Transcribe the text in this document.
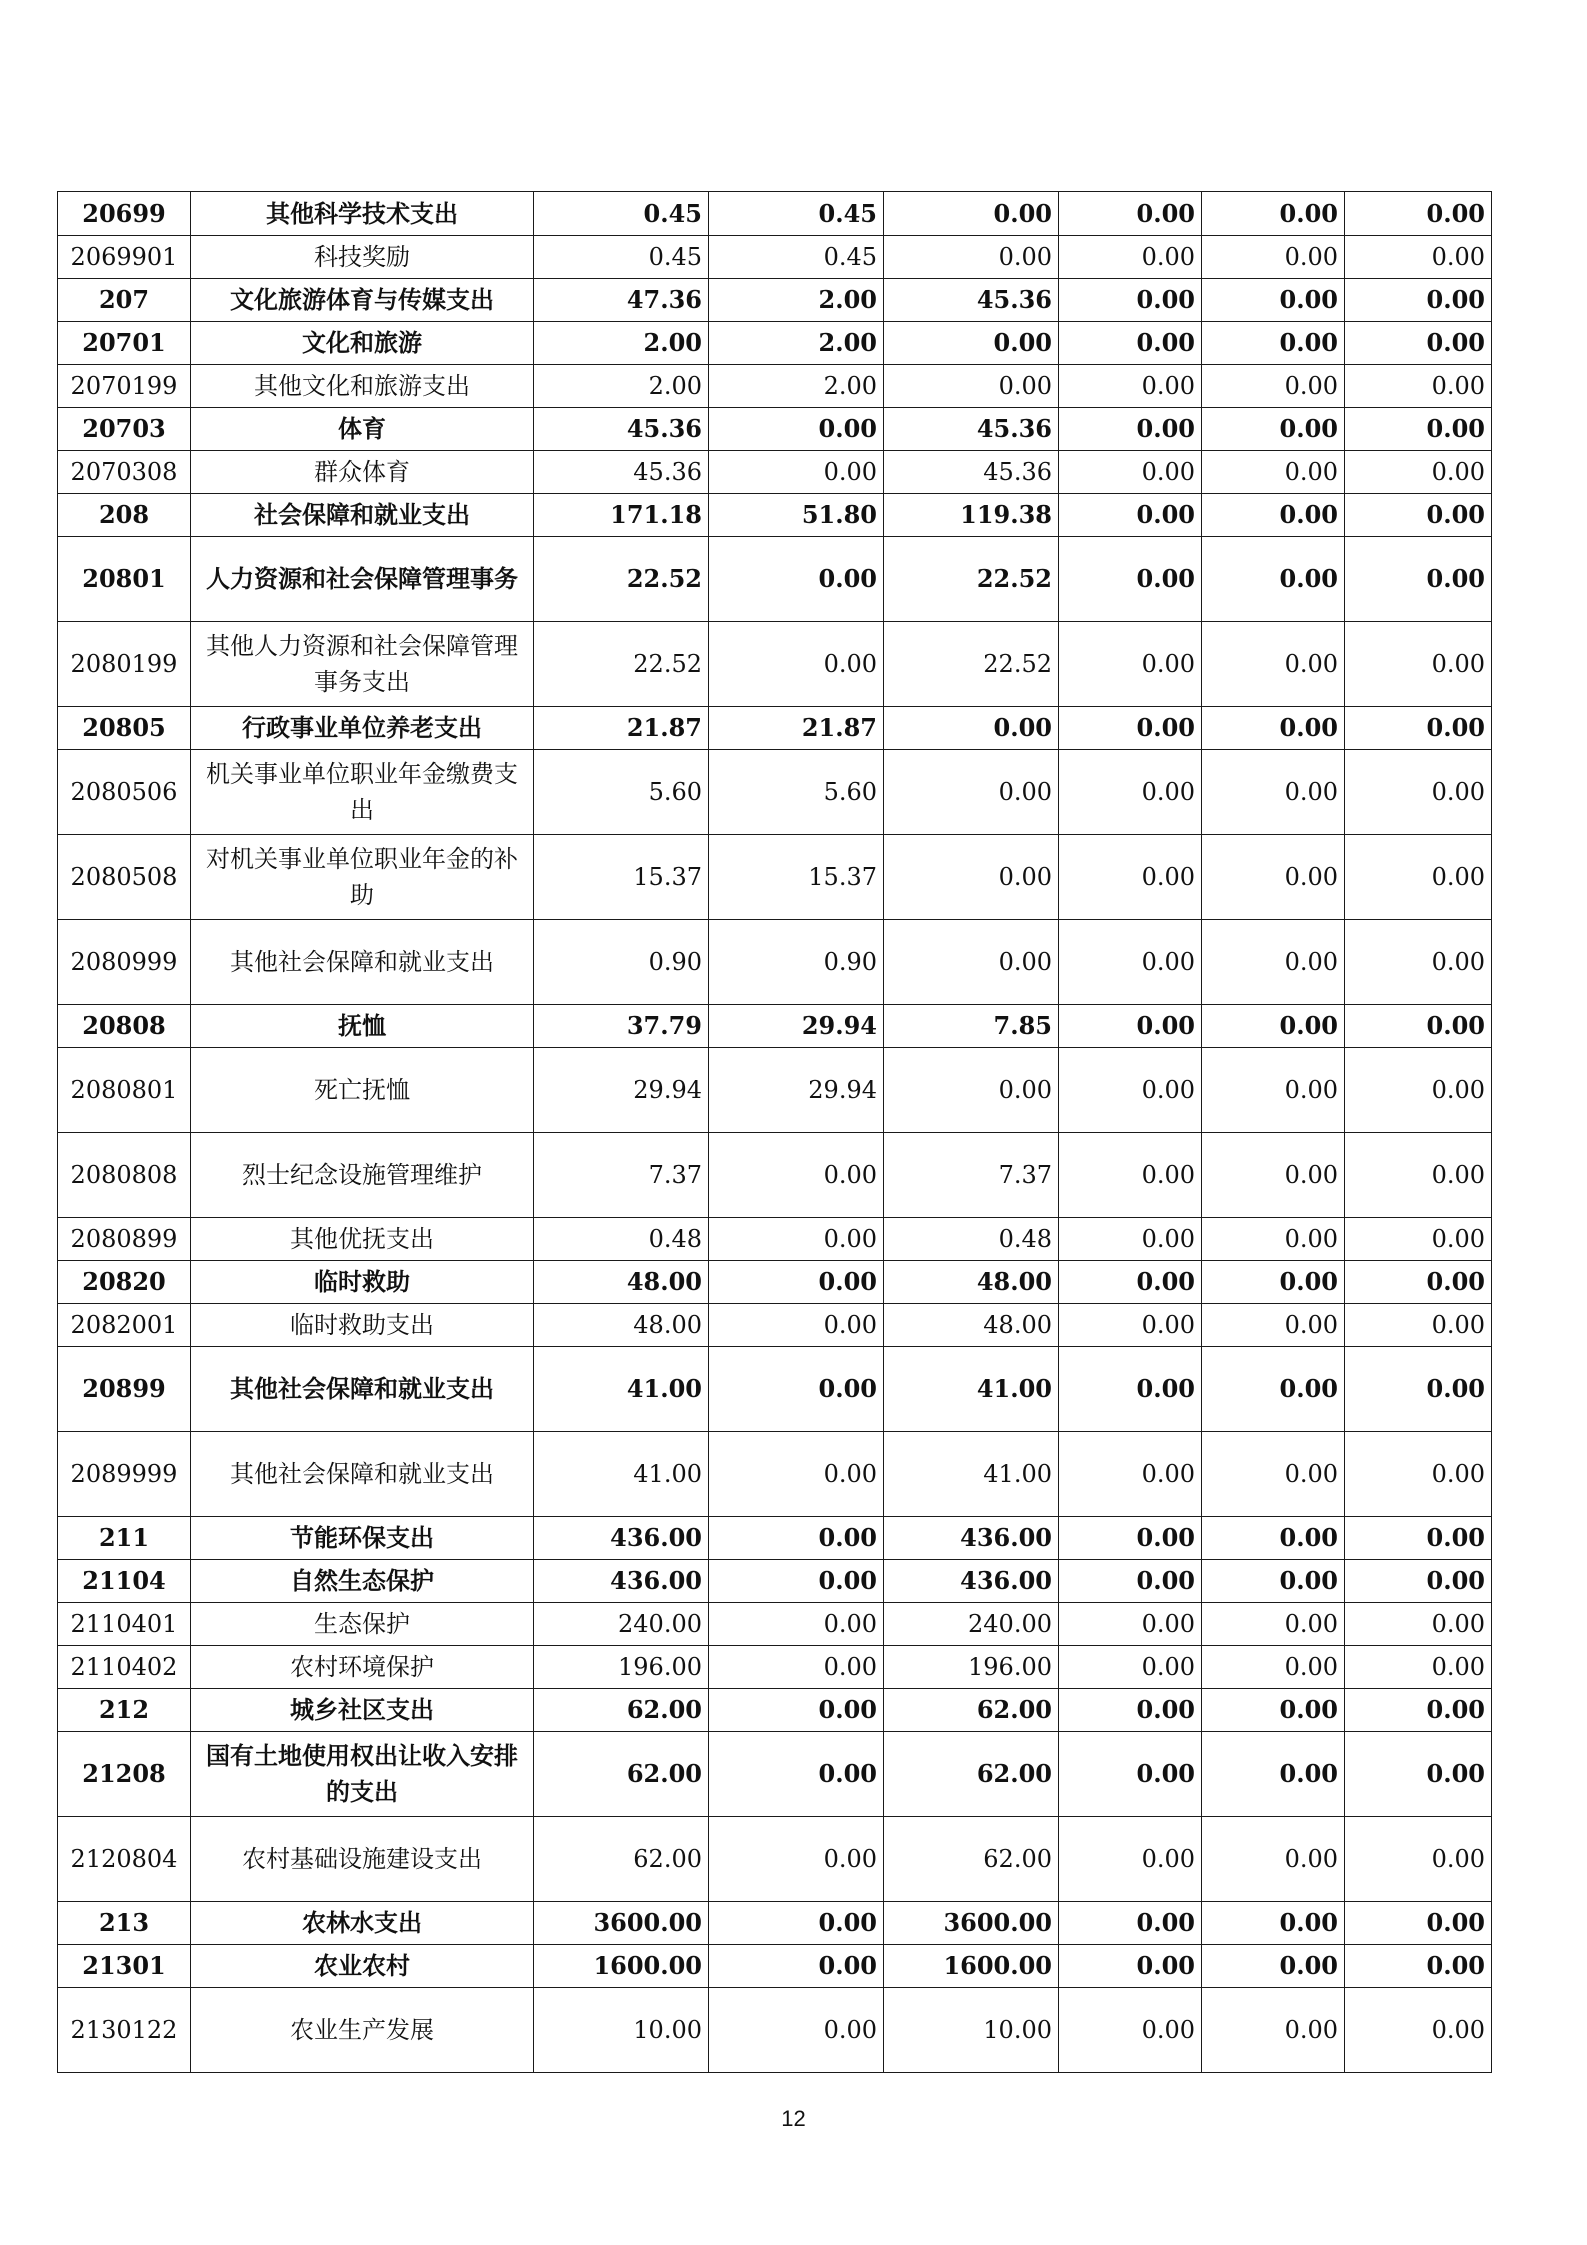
20699	其他科学技术支出	0.45	0.45	0.00	0.00	0.00	0.00
2069901	科技奖励	0.45	0.45	0.00	0.00	0.00	0.00
207	文化旅游体育与传媒支出	47.36	2.00	45.36	0.00	0.00	0.00
20701	文化和旅游	2.00	2.00	0.00	0.00	0.00	0.00
2070199	其他文化和旅游支出	2.00	2.00	0.00	0.00	0.00	0.00
20703	体育	45.36	0.00	45.36	0.00	0.00	0.00
2070308	群众体育	45.36	0.00	45.36	0.00	0.00	0.00
208	社会保障和就业支出	171.18	51.80	119.38	0.00	0.00	0.00
20801	人力资源和社会保障管理事务	22.52	0.00	22.52	0.00	0.00	0.00
2080199	其他人力资源和社会保障管理事务支出	22.52	0.00	22.52	0.00	0.00	0.00
20805	行政事业单位养老支出	21.87	21.87	0.00	0.00	0.00	0.00
2080506	机关事业单位职业年金缴费支出	5.60	5.60	0.00	0.00	0.00	0.00
2080508	对机关事业单位职业年金的补助	15.37	15.37	0.00	0.00	0.00	0.00
2080999	其他社会保障和就业支出	0.90	0.90	0.00	0.00	0.00	0.00
20808	抚恤	37.79	29.94	7.85	0.00	0.00	0.00
2080801	死亡抚恤	29.94	29.94	0.00	0.00	0.00	0.00
2080808	烈士纪念设施管理维护	7.37	0.00	7.37	0.00	0.00	0.00
2080899	其他优抚支出	0.48	0.00	0.48	0.00	0.00	0.00
20820	临时救助	48.00	0.00	48.00	0.00	0.00	0.00
2082001	临时救助支出	48.00	0.00	48.00	0.00	0.00	0.00
20899	其他社会保障和就业支出	41.00	0.00	41.00	0.00	0.00	0.00
2089999	其他社会保障和就业支出	41.00	0.00	41.00	0.00	0.00	0.00
211	节能环保支出	436.00	0.00	436.00	0.00	0.00	0.00
21104	自然生态保护	436.00	0.00	436.00	0.00	0.00	0.00
2110401	生态保护	240.00	0.00	240.00	0.00	0.00	0.00
2110402	农村环境保护	196.00	0.00	196.00	0.00	0.00	0.00
212	城乡社区支出	62.00	0.00	62.00	0.00	0.00	0.00
21208	国有土地使用权出让收入安排的支出	62.00	0.00	62.00	0.00	0.00	0.00
2120804	农村基础设施建设支出	62.00	0.00	62.00	0.00	0.00	0.00
213	农林水支出	3600.00	0.00	3600.00	0.00	0.00	0.00
21301	农业农村	1600.00	0.00	1600.00	0.00	0.00	0.00
2130122	农业生产发展	10.00	0.00	10.00	0.00	0.00	0.00
12
